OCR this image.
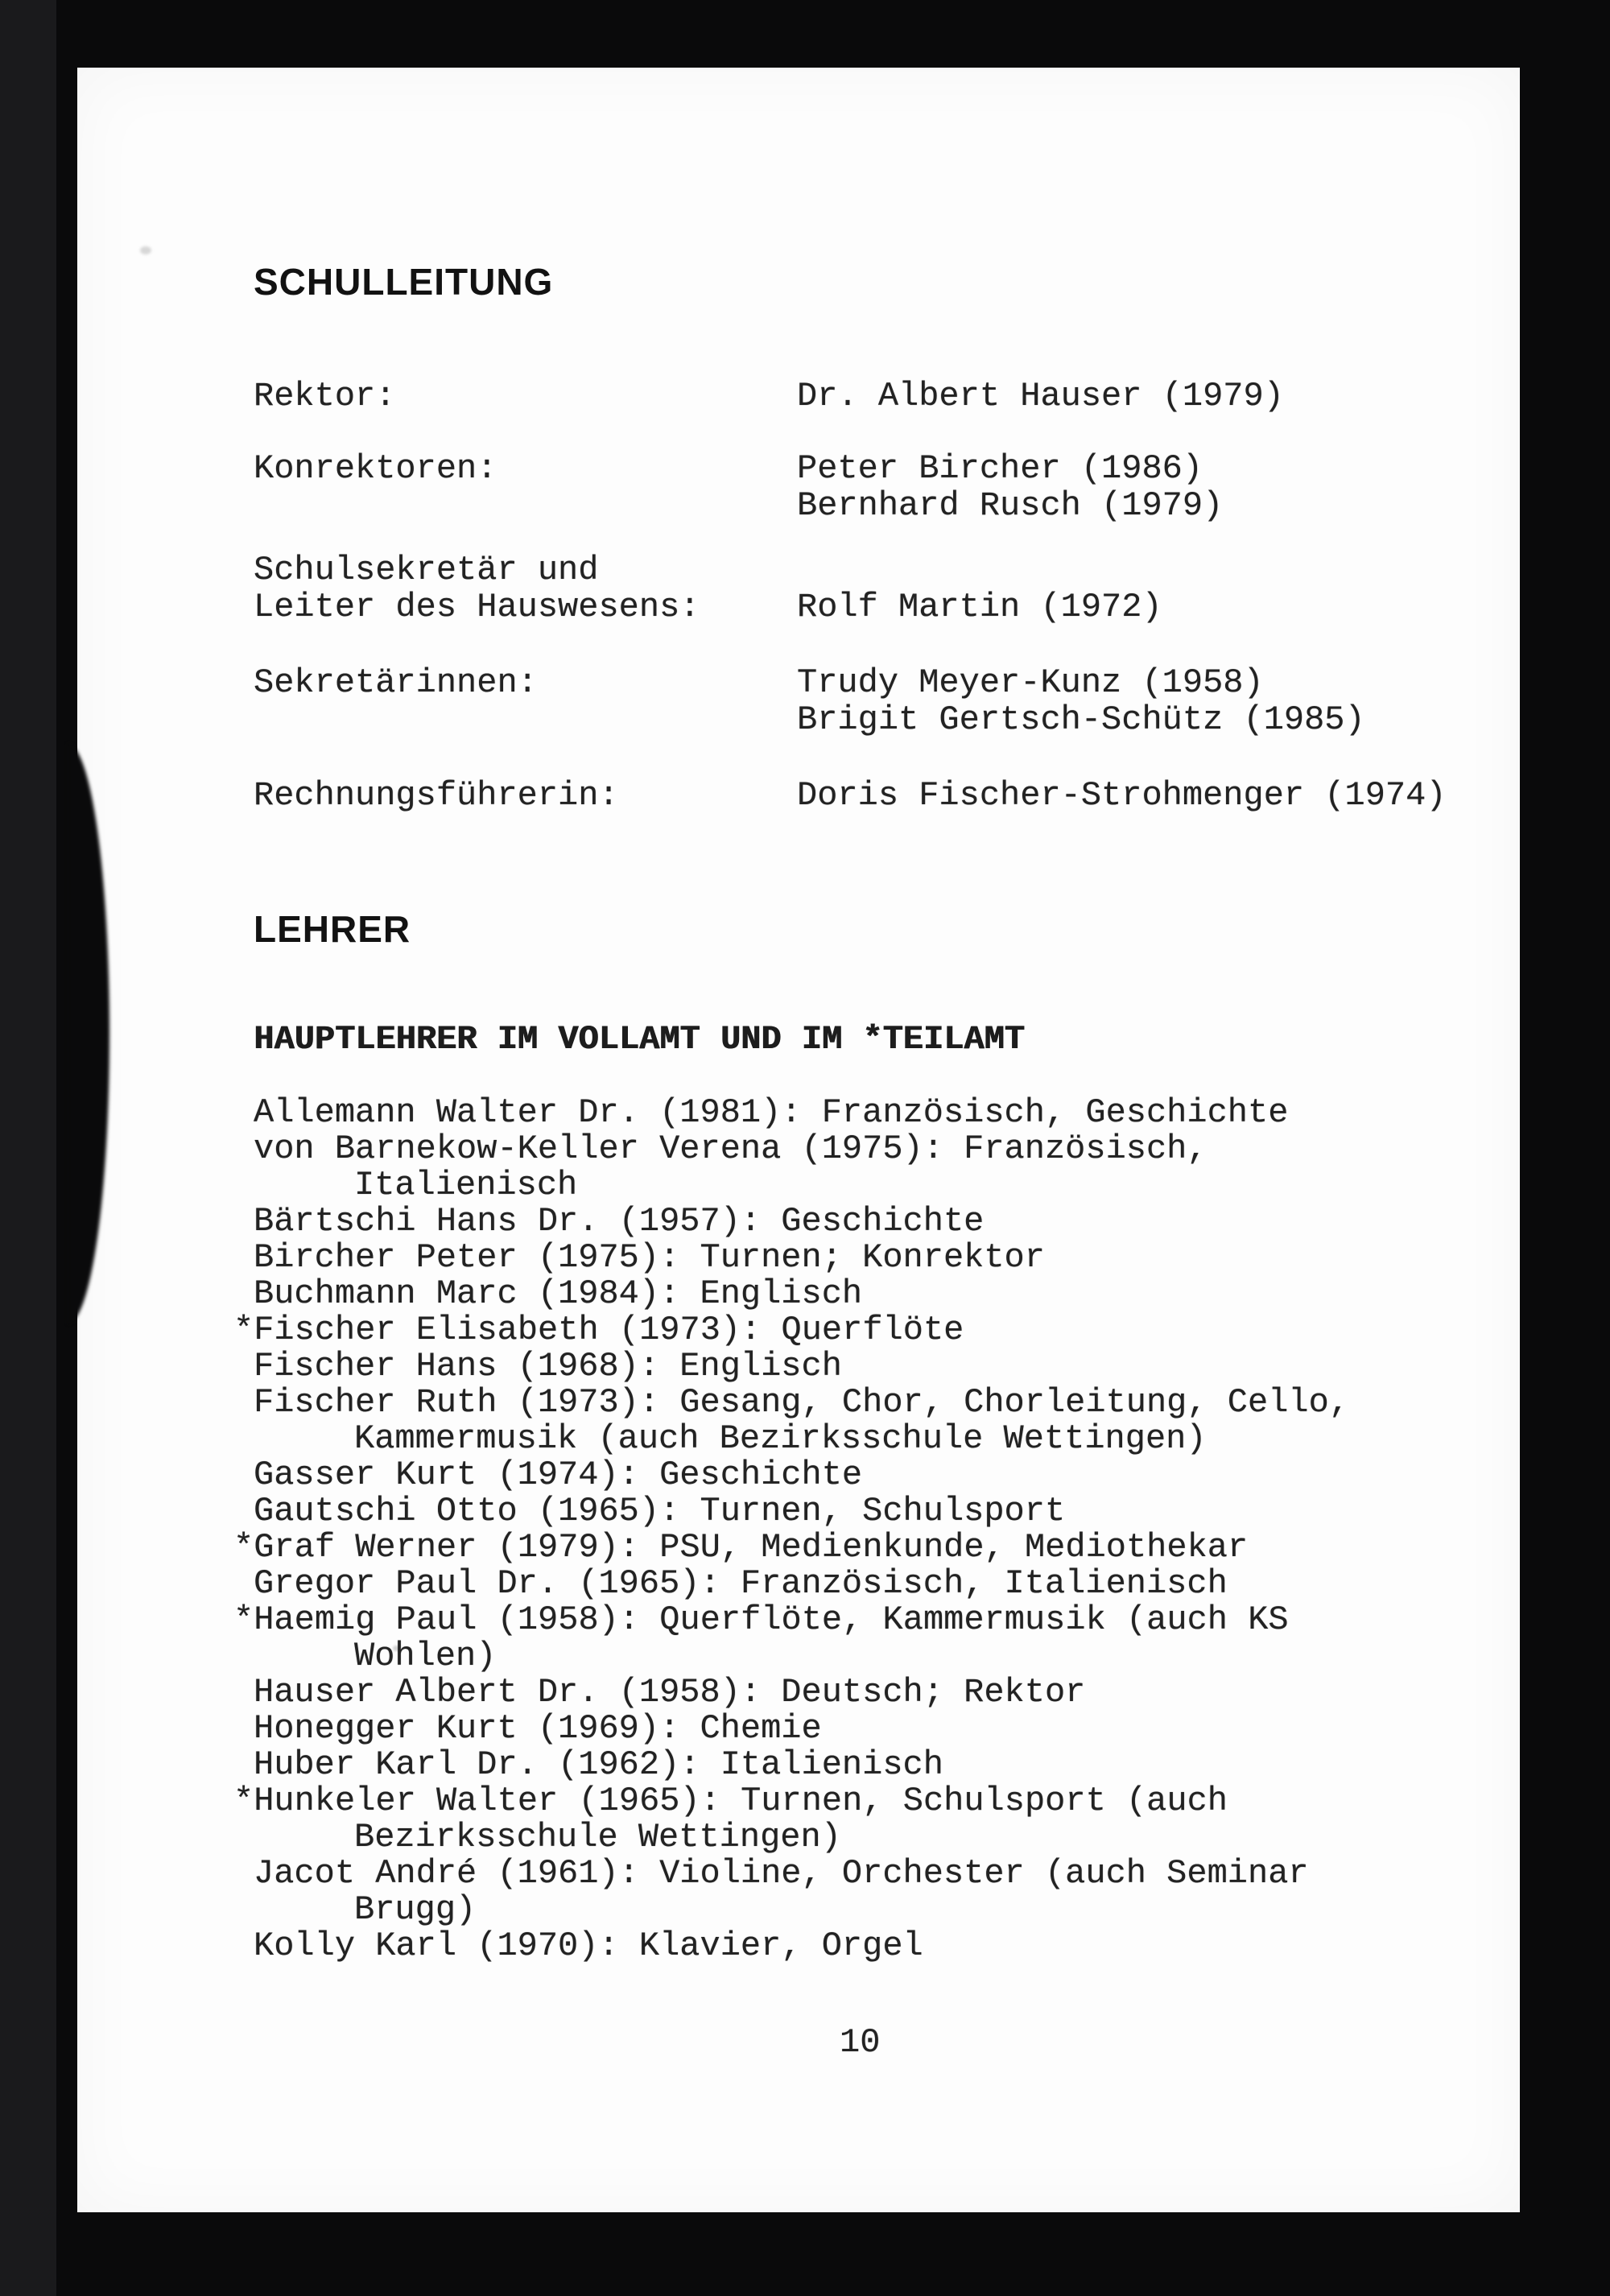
SCHULLEITUNG
Rektor:	Dr. Albert Hauser (1979)
Konrektoren:	Peter Bircher (1986)
Bernhard Rusch (1979)
Schulsekretär und
Leiter des Hauswesens:
	Rolf Martin (1972)
Sekretärinnen:	Trudy Meyer-Kunz (1958)
Brigit Gertsch-Schütz (1985)
Rechnungsführerin:	Doris Fischer-Strohmenger (1974)
LEHRER
HAUPTLEHRER IM VOLLAMT UND IM *TEILAMT
Allemann Walter Dr. (1981): Französisch, Geschichte
von Barnekow-Keller Verena (1975): Französisch,
Italienisch
Bärtschi Hans Dr. (1957): Geschichte
Bircher Peter (1975): Turnen; Konrektor
Buchmann Marc (1984): Englisch
*Fischer Elisabeth (1973): Querflöte
Fischer Hans (1968): Englisch
Fischer Ruth (1973): Gesang, Chor, Chorleitung, Cello,
Kammermusik (auch Bezirksschule Wettingen)
Gasser Kurt (1974): Geschichte
Gautschi Otto (1965): Turnen, Schulsport
*Graf Werner (1979): PSU, Medienkunde, Mediothekar
Gregor Paul Dr. (1965): Französisch, Italienisch
*Haemig Paul (1958): Querflöte, Kammermusik (auch KS
Wohlen)
Hauser Albert Dr. (1958): Deutsch; Rektor
Honegger Kurt (1969): Chemie
Huber Karl Dr. (1962): Italienisch
*Hunkeler Walter (1965): Turnen, Schulsport (auch
Bezirksschule Wettingen)
Jacot André (1961): Violine, Orchester (auch Seminar
Brugg)
Kolly Karl (1970): Klavier, Orgel
10
